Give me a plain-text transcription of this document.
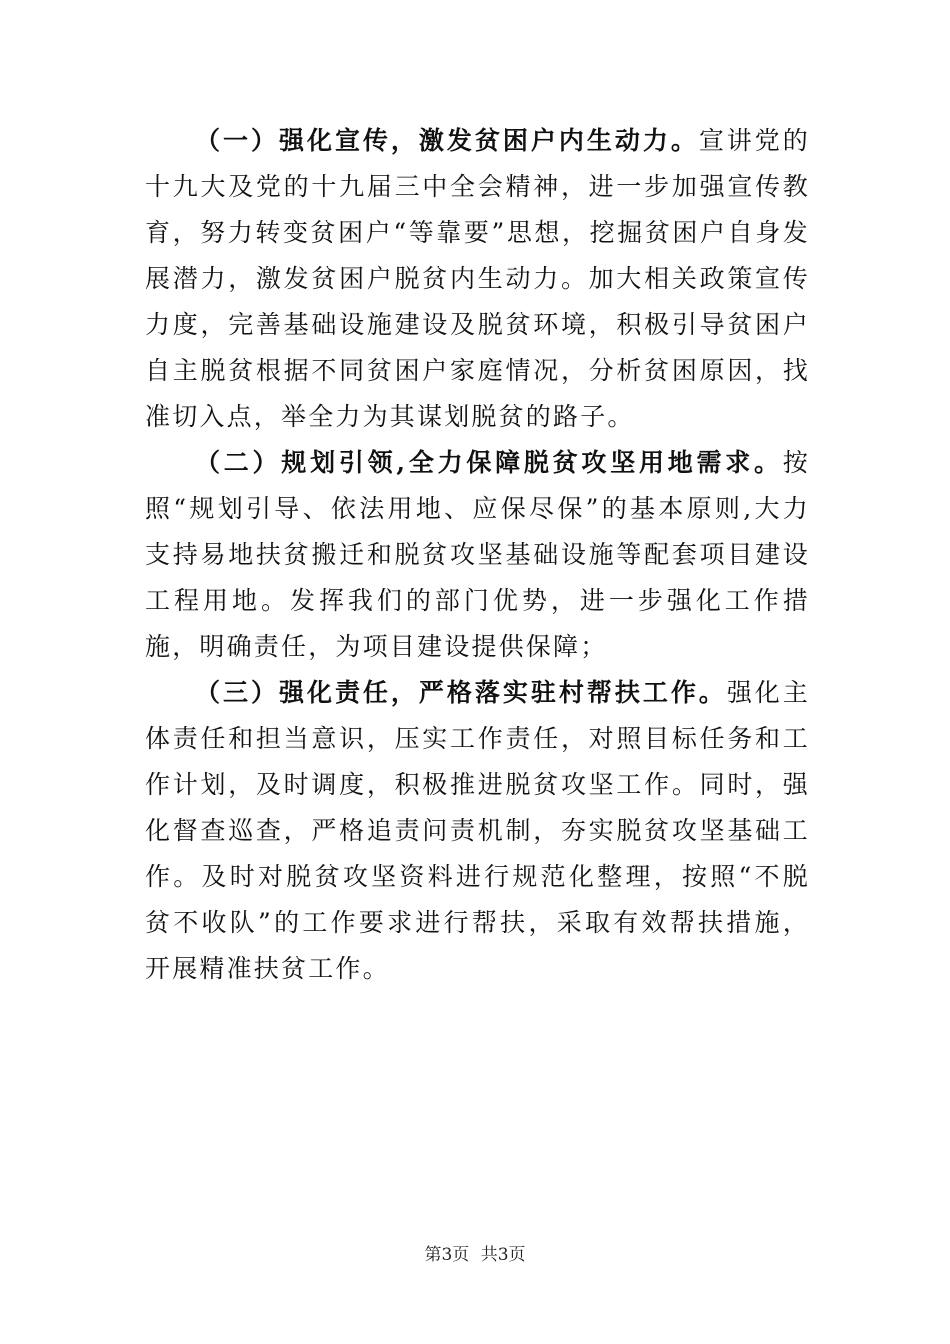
（一）强化宣传，激发贫困户内生动力。宣讲党的十九大及党的十九届三中全会精神，进一步加强宣传教育，努力转变贫困户“等靠要”思想，挖掘贫困户自身发展潜力，激发贫困户脱贫内生动力。加大相关政策宣传力度，完善基础设施建设及脱贫环境，积极引导贫困户自主脱贫根据不同贫困户家庭情况，分析贫困原因，找准切入点，举全力为其谋划脱贫的路子。

（二）规划引领,全力保障脱贫攻坚用地需求。按照“规划引导、依法用地、应保尽保”的基本原则,大力支持易地扶贫搬迁和脱贫攻坚基础设施等配套项目建设工程用地。发挥我们的部门优势，进一步强化工作措施，明确责任，为项目建设提供保障；

（三）强化责任，严格落实驻村帮扶工作。强化主体责任和担当意识，压实工作责任，对照目标任务和工作计划，及时调度，积极推进脱贫攻坚工作。同时，强化督查巡查，严格追责问责机制，夯实脱贫攻坚基础工作。及时对脱贫攻坚资料进行规范化整理，按照“不脱贫不收队”的工作要求进行帮扶，采取有效帮扶措施，开展精准扶贫工作。

第3页 共3页
